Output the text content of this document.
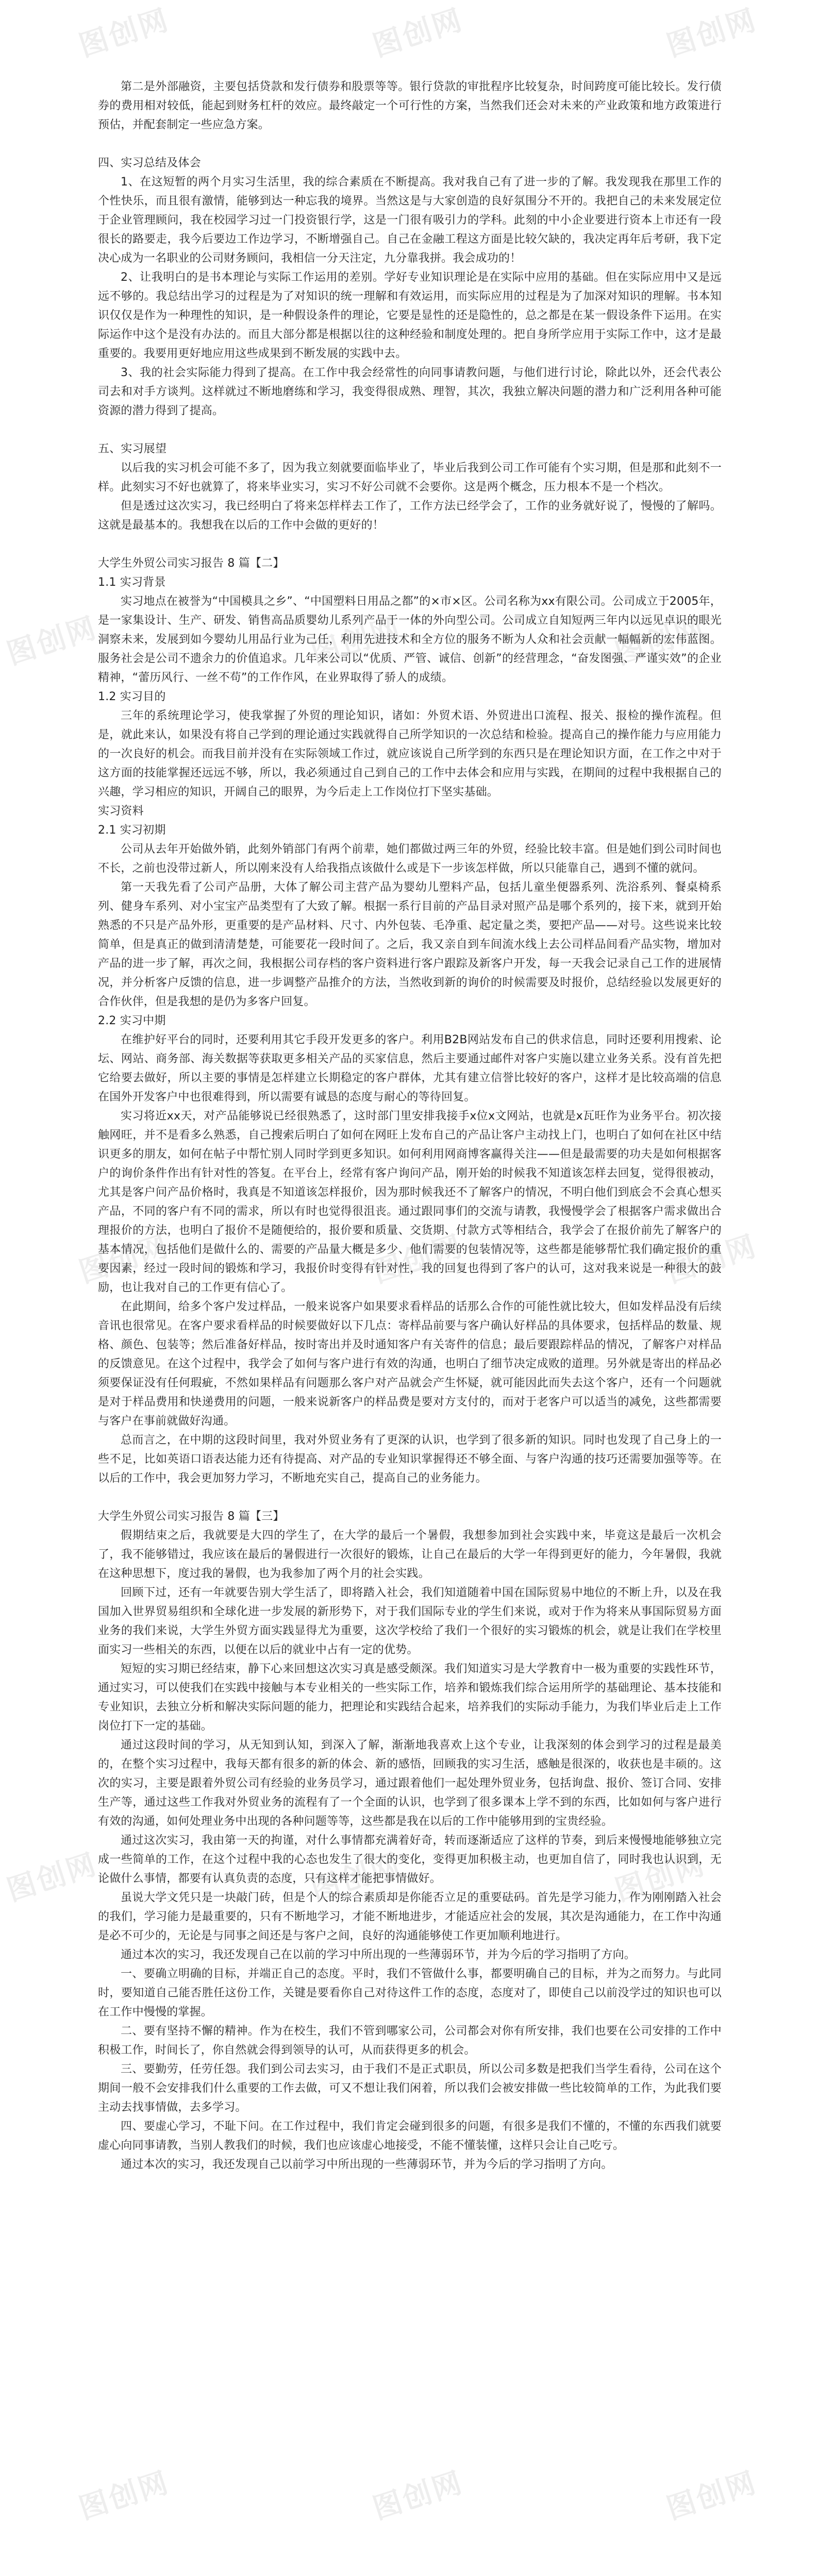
图创网	图创网	图创网
图创网	图创网	图创网
图创网	图创网	图创网
图创网	图创网	图创网
图创网	图创网	图创网

第二是外部融资，主要包括贷款和发行债券和股票等等。银行贷款的审批程序比较复杂，时间跨度可能比较长。发行债券的费用相对较低，能起到财务杠杆的效应。最终敲定一个可行性的方案，当然我们还会对未来的产业政策和地方政策进行预估，并配套制定一些应急方案。

四、实习总结及体会

1、在这短暂的两个月实习生活里，我的综合素质在不断提高。我对我自己有了进一步的了解。我发现我在那里工作的个性快乐，而且很有激情，能够到达一种忘我的境界。当然这是与大家创造的良好氛围分不开的。我把自己的未来发展定位于企业管理顾问，我在校园学习过一门投资银行学，这是一门很有吸引力的学科。此刻的中小企业要进行资本上市还有一段很长的路要走，我今后要边工作边学习，不断增强自己。自己在金融工程这方面是比较欠缺的，我决定再年后考研，我下定决心成为一名职业的公司财务顾问，我相信一分天注定，九分靠我拼。我会成功的！

2、让我明白的是书本理论与实际工作运用的差别。学好专业知识理论是在实际中应用的基础。但在实际应用中又是远远不够的。我总结出学习的过程是为了对知识的统一理解和有效运用，而实际应用的过程是为了加深对知识的理解。书本知识仅仅是作为一种理性的知识，是一种假设条件的理论，它要是显性的还是隐性的，总之都是在某一假设条件下运用。在实际运作中这个是没有办法的。而且大部分都是根据以往的这种经验和制度处理的。把自身所学应用于实际工作中，这才是最重要的。我要用更好地应用这些成果到不断发展的实践中去。

3、我的社会实际能力得到了提高。在工作中我会经常性的向同事请教问题，与他们进行讨论，除此以外，还会代表公司去和对手方谈判。这样就过不断地磨练和学习，我变得很成熟、理智，其次，我独立解决问题的潜力和广泛利用各种可能资源的潜力得到了提高。

五、实习展望

以后我的实习机会可能不多了，因为我立刻就要面临毕业了，毕业后我到公司工作可能有个实习期，但是那和此刻不一样。此刻实习不好也就算了，将来毕业实习，实习不好公司就不会要你。这是两个概念，压力根本不是一个档次。

但是透过这次实习，我已经明白了将来怎样样去工作了，工作方法已经学会了，工作的业务就好说了，慢慢的了解吗。这就是最基本的。我想我在以后的工作中会做的更好的！

大学生外贸公司实习报告 8 篇【二】

1.1 实习背景

实习地点在被誉为“中国模具之乡”、“中国塑料日用品之都”的×市×区。公司名称为xx有限公司。公司成立于2005年，是一家集设计、生产、研发、销售高品质婴幼儿系列产品于一体的外向型公司。公司成立自知短两三年内以远见卓识的眼光洞察未来，发展到如今婴幼儿用品行业为己任，利用先进技术和全方位的服务不断为人众和社会贡献一幅幅新的宏伟蓝图。服务社会是公司不遗余力的价值追求。几年来公司以“优质、严管、诚信、创新”的经营理念，“奋发图强、严谨实效”的企业精神，“蕾历风行、一丝不苟”的工作作风，在业界取得了骄人的成绩。

1.2 实习目的

三年的系统理论学习，使我掌握了外贸的理论知识，诸如：外贸术语、外贸进出口流程、报关、报检的操作流程。但是，就此来认，如果没有将自己学到的理论通过实践就得自己所学知识的一次总结和检验。提高自己的操作能力与应用能力的一次良好的机会。而我目前并没有在实际领域工作过，就应该说自己所学到的东西只是在理论知识方面，在工作之中对于这方面的技能掌握还远远不够，所以，我必须通过自己到自己的工作中去体会和应用与实践，在期间的过程中我根据自己的兴趣，学习相应的知识，开阔自己的眼界，为今后走上工作岗位打下坚实基础。

实习资料

2.1 实习初期

公司从去年开始做外销，此刻外销部门有两个前辈，她们都做过两三年的外贸，经验比较丰富。但是她们到公司时间也不长，之前也没带过新人，所以刚来没有人给我指点该做什么或是下一步该怎样做，所以只能靠自己，遇到不懂的就问。

第一天我先看了公司产品册，大体了解公司主营产品为婴幼儿塑料产品，包括儿童坐便器系列、洗浴系列、餐桌椅系列、健身车系列、对小宝宝产品类型有了大致了解。根据一系行目前的产品目录对照产品是哪个系列的，接下来，就到开始熟悉的不只是产品外形，更重要的是产品材料、尺寸、内外包装、毛净重、起定量之类，要把产品——对号。这些说来比较简单，但是真正的做到清清楚楚，可能要花一段时间了。之后，我又亲自到车间流水线上去公司样品间看产品实物，增加对产品的进一步了解，再次之间，我根据公司存档的客户资料进行客户跟踪及新客户开发，每一天我会记录自己工作的进展情况，并分析客户反馈的信息，进一步调整产品推介的方法，当然收到新的询价的时候需要及时报价，总结经验以发展更好的合作伙伴，但是我想的是仍为多客户回复。

2.2 实习中期

在维护好平台的同时，还要利用其它手段开发更多的客户。利用B2B网站发布自己的供求信息，同时还要利用搜索、论坛、网站、商务部、海关数据等获取更多相关产品的买家信息，然后主要通过邮件对客户实施以建立业务关系。没有首先把它给要去做好，所以主要的事情是怎样建立长期稳定的客户群体，尤其有建立信誉比较好的客户，这样才是比较高端的信息在国外开发客户中也很难得到，所以需要有诚恳的态度与耐心的等待回复。

实习将近xx天，对产品能够说已经很熟悉了，这时部门里安排我接手x位x文网站，也就是x瓦旺作为业务平台。初次接触网旺，并不是看多么熟悉，自己搜索后明白了如何在网旺上发布自己的产品让客户主动找上门，也明白了如何在社区中结识更多的朋友，如何在帖子中帮忙别人同时学到更多知识。如何利用网商博客赢得关注——但是最需要的功夫是如何根据客户的询价条件作出有针对性的答复。在平台上，经常有客户询问产品，刚开始的时候我不知道该怎样去回复，觉得很被动，尤其是客户问产品价格时，我真是不知道该怎样报价，因为那时候我还不了解客户的情况，不明白他们到底会不会真心想买产品，不同的客户有不同的需求，所以有时也觉得很沮丧。通过跟同事们的交流与请教，我慢慢学会了根据客户需求做出合理报价的方法，也明白了报价不是随便给的，报价要和质量、交货期、付款方式等相结合，我学会了在报价前先了解客户的基本情况，包括他们是做什么的、需要的产品量大概是多少、他们需要的包装情况等，这些都是能够帮忙我们确定报价的重要因素，经过一段时间的锻炼和学习，我报价时变得有针对性，我的回复也得到了客户的认可，这对我来说是一种很大的鼓励，也让我对自己的工作更有信心了。

在此期间，给多个客户发过样品，一般来说客户如果要求看样品的话那么合作的可能性就比较大，但如发样品没有后续音讯也很常见。在客户要求看样品的时候要做好以下几点：寄样品前要与客户确认好样品的具体要求，包括样品的数量、规格、颜色、包装等；然后准备好样品，按时寄出并及时通知客户有关寄件的信息；最后要跟踪样品的情况，了解客户对样品的反馈意见。在这个过程中，我学会了如何与客户进行有效的沟通，也明白了细节决定成败的道理。另外就是寄出的样品必须要保证没有任何瑕疵，不然如果样品有问题那么客户对产品就会产生怀疑，就可能因此而失去这个客户，还有一个问题就是对于样品费用和快递费用的问题，一般来说新客户的样品费是要对方支付的，而对于老客户可以适当的减免，这些都需要与客户在事前就做好沟通。

总而言之，在中期的这段时间里，我对外贸业务有了更深的认识，也学到了很多新的知识。同时也发现了自己身上的一些不足，比如英语口语表达能力还有待提高、对产品的专业知识掌握得还不够全面、与客户沟通的技巧还需要加强等等。在以后的工作中，我会更加努力学习，不断地充实自己，提高自己的业务能力。

大学生外贸公司实习报告 8 篇【三】

假期结束之后，我就要是大四的学生了，在大学的最后一个暑假，我想参加到社会实践中来，毕竟这是最后一次机会了，我不能够错过，我应该在最后的暑假进行一次很好的锻炼，让自己在最后的大学一年得到更好的能力，今年暑假，我就在这种思想下，度过我的暑假，也为我参加了两个月的社会实践。

回顾下过，还有一年就要告别大学生活了，即将踏入社会，我们知道随着中国在国际贸易中地位的不断上升，以及在我国加入世界贸易组织和全球化进一步发展的新形势下，对于我们国际专业的学生们来说，或对于作为将来从事国际贸易方面业务的我们来说，大学生外贸方面实践显得尤为重要，这次学校给了我们一个很好的实习锻炼的机会，就是让我们在学校里面实习一些相关的东西，以便在以后的就业中占有一定的优势。

短短的实习期已经结束，静下心来回想这次实习真是感受颇深。我们知道实习是大学教育中一极为重要的实践性环节，通过实习，可以使我们在实践中接触与本专业相关的一些实际工作，培养和锻炼我们综合运用所学的基础理论、基本技能和专业知识，去独立分析和解决实际问题的能力，把理论和实践结合起来，培养我们的实际动手能力，为我们毕业后走上工作岗位打下一定的基础。

通过这段时间的学习，从无知到认知，到深入了解，渐渐地我喜欢上这个专业，让我深刻的体会到学习的过程是最美的，在整个实习过程中，我每天都有很多的新的体会、新的感悟，回顾我的实习生活，感触是很深的，收获也是丰硕的。这次的实习，主要是跟着外贸公司有经验的业务员学习，通过跟着他们一起处理外贸业务，包括询盘、报价、签订合同、安排生产等，通过这些工作我对外贸业务的流程有了一个全面的认识，也学到了很多课本上学不到的东西，比如如何与客户进行有效的沟通，如何处理业务中出现的各种问题等等，这些都是我在以后的工作中能够用到的宝贵经验。

通过这次实习，我由第一天的拘谨，对什么事情都充满着好奇，转而逐渐适应了这样的节奏，到后来慢慢地能够独立完成一些简单的工作，在这个过程中我的心态也发生了很大的变化，变得更加积极主动，也更加自信了，同时我也认识到，无论做什么事情，都要有认真负责的态度，只有这样才能把事情做好。

虽说大学文凭只是一块敲门砖，但是个人的综合素质却是你能否立足的重要砝码。首先是学习能力，作为刚刚踏入社会的我们，学习能力是最重要的，只有不断地学习，才能不断地进步，才能适应社会的发展，其次是沟通能力，在工作中沟通是必不可少的，无论是与同事之间还是与客户之间，良好的沟通能够使工作更加顺利地进行。

通过本次的实习，我还发现自己在以前的学习中所出现的一些薄弱环节，并为今后的学习指明了方向。

一、要确立明确的目标，并端正自己的态度。平时，我们不管做什么事，都要明确自己的目标，并为之而努力。与此同时，要知道自己能否胜任这份工作，关键是要看你自己对待这件工作的态度，态度对了，即使自己以前没学过的知识也可以在工作中慢慢的掌握。

二、要有坚持不懈的精神。作为在校生，我们不管到哪家公司，公司都会对你有所安排，我们也要在公司安排的工作中积极工作，时间长了，你自然就会得到领导的认可，从而获得更多的机会。

三、要勤劳，任劳任怨。我们到公司去实习，由于我们不是正式职员，所以公司多数是把我们当学生看待，公司在这个期间一般不会安排我们什么重要的工作去做，可又不想让我们闲着，所以我们会被安排做一些比较简单的工作，为此我们要主动去找事情做，去多学习。

四、要虚心学习，不耻下问。在工作过程中，我们肯定会碰到很多的问题，有很多是我们不懂的，不懂的东西我们就要虚心向同事请教，当别人教我们的时候，我们也应该虚心地接受，不能不懂装懂，这样只会让自己吃亏。

通过本次的实习，我还发现自己以前学习中所出现的一些薄弱环节，并为今后的学习指明了方向。
